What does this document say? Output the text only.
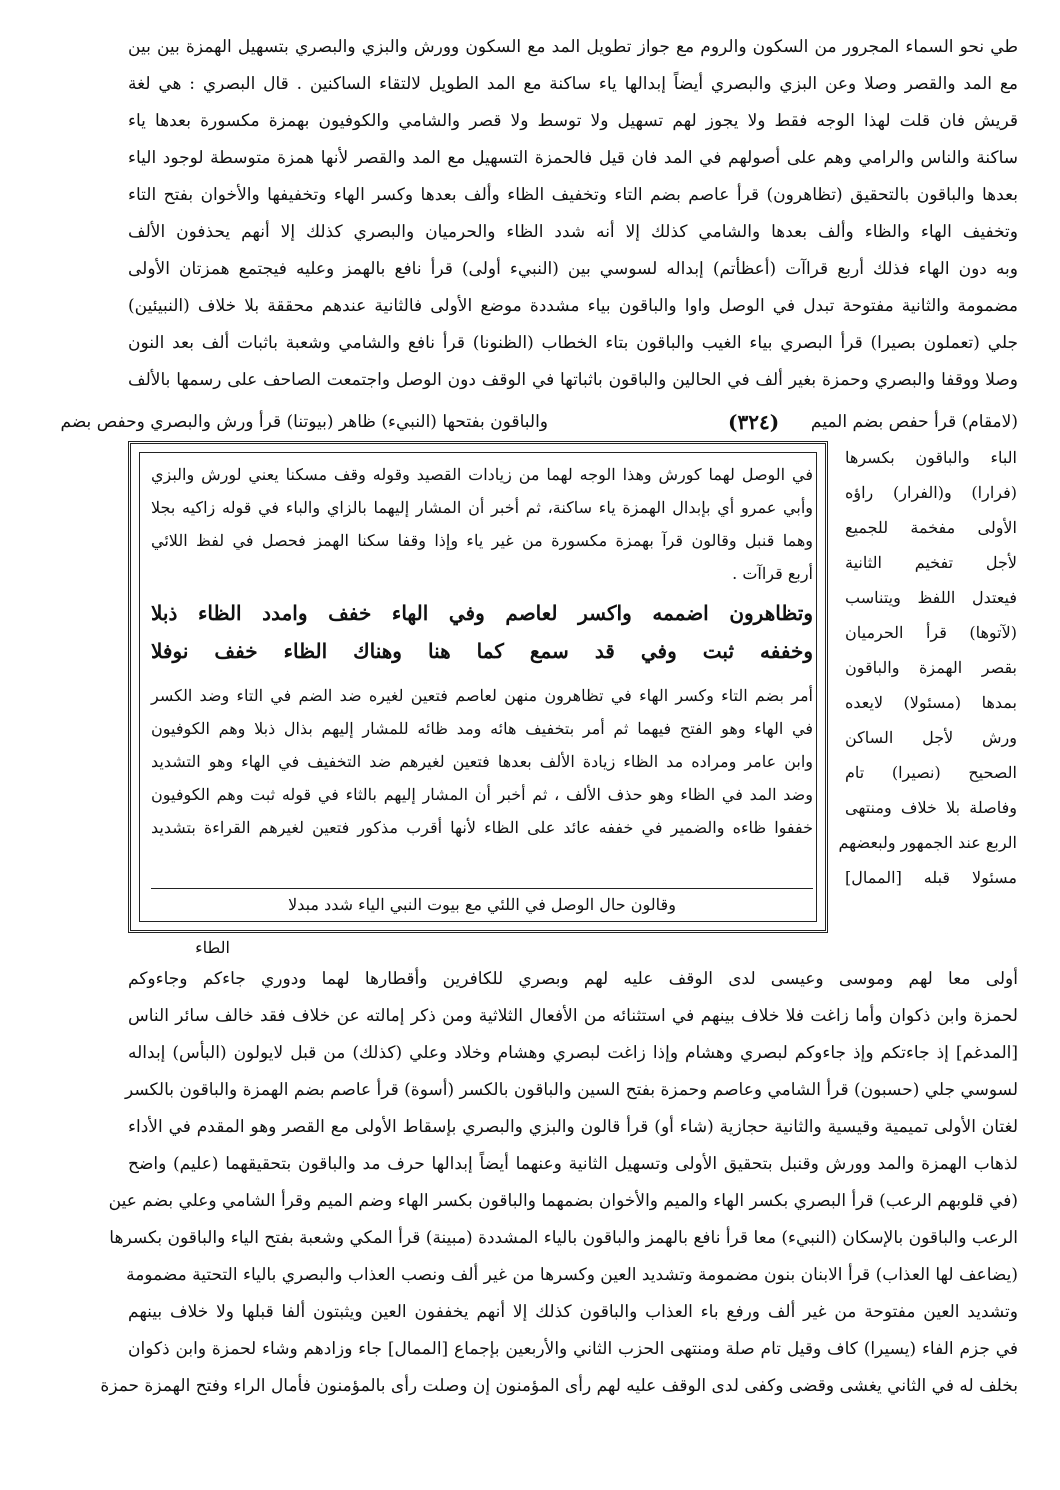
طي نحو السماء المجرور من السكون والروم مع جواز تطويل المد مع السكون وورش والبزي والبصري بتسهيل الهمزة بين بين
مع المد والقصر وصلا وعن البزي والبصري أيضاً إبدالها ياء ساكنة مع المد الطويل لالتقاء الساكنين . قال البصري : هي لغة
قريش فان قلت لهذا الوجه فقط ولا يجوز لهم تسهيل ولا توسط ولا قصر والشامي والكوفيون بهمزة مكسورة بعدها ياء
ساكنة والناس والرامي وهم على أصولهم في المد فان قيل فالحمزة التسهيل مع المد والقصر لأنها همزة متوسطة لوجود الياء
بعدها والباقون بالتحقيق (تظاهرون) قرأ عاصم بضم التاء وتخفيف الظاء وألف بعدها وكسر الهاء وتخفيفها والأخوان بفتح التاء
وتخفيف الهاء والظاء وألف بعدها والشامي كذلك إلا أنه شدد الظاء والحرميان والبصري كذلك إلا أنهم يحذفون الألف
وبه دون الهاء فذلك أربع قراآت (أعظأتم) إبداله لسوسي بين (النبيء أولى) قرأ نافع بالهمز وعليه فيجتمع همزتان الأولى
مضمومة والثانية مفتوحة تبدل في الوصل واوا والباقون بياء مشددة موضع الأولى فالثانية عندهم محققة بلا خلاف (النبيئين)
جلي (تعملون بصيرا) قرأ البصري بياء الغيب والباقون بتاء الخطاب (الظنونا) قرأ نافع والشامي وشعبة باثبات ألف بعد النون
وصلا ووقفا والبصري وحمزة بغير ألف في الحالين والباقون باثباتها في الوقف دون الوصل واجتمعت الصاحف على رسمها بالألف
(لامقام) قرأ حفص بضم الميم
(٣٢٤)
والباقون بفتحها (النبيء) ظاهر (بيوتنا) قرأ ورش والبصري وحفص بضم
الباء والباقون بكسرها
(فرارا) و(الفرار) راؤه
الأولى مفخمة للجميع
لأجل تفخيم الثانية
فيعتدل اللفظ ويتناسب
(لآتوها) قرأ الحرميان
بقصر الهمزة والباقون
بمدها (مسئولا) لايعده
ورش لأجل الساكن
الصحيح (نصيرا) تام
وفاصلة بلا خلاف ومنتهى
الربع عند الجمهور ولبعضهم
مسئولا قبله [الممال]
في الوصل لهما كورش وهذا الوجه لهما من زيادات القصيد وقوله وقف مسكنا يعني لورش والبزي
وأبي عمرو أي بإبدال الهمزة ياء ساكنة، ثم أخبر أن المشار إليهما بالزاي والباء في قوله زاكيه بجلا
وهما قنبل وقالون قرآ بهمزة مكسورة من غير ياء وإذا وقفا سكنا الهمز فحصل في لفظ اللائي
أربع قراآت .
وتظاهرون اضممه واكسر لعاصم وفي الهاء خفف وامدد الظاء ذبلا
وخففه ثبت وفي قد سمع كما هنا وهناك الظاء خفف نوفلا
أمر بضم التاء وكسر الهاء في تظاهرون منهن لعاصم فتعين لغيره ضد الضم في التاء وضد الكسر
في الهاء وهو الفتح فيهما ثم أمر بتخفيف هائه ومد ظائه للمشار إليهم بذال ذبلا وهم الكوفيون
وابن عامر ومراده مد الظاء زيادة الألف بعدها فتعين لغيرهم ضد التخفيف في الهاء وهو التشديد
وضد المد في الظاء وهو حذف الألف ، ثم أخبر أن المشار إليهم بالثاء في قوله ثبت وهم الكوفيون
خففوا ظاءه والضمير في خففه عائد على الظاء لأنها أقرب مذكور فتعين لغيرهم القراءة بتشديد
وقالون حال الوصل في اللئي مع بيوت النبي الياء شدد مبدلا
الطاء
أولى معا لهم وموسى وعيسى لدى الوقف عليه لهم وبصري للكافرين وأقطارها لهما ودوري جاءكم وجاءوكم
لحمزة وابن ذكوان وأما زاغت فلا خلاف بينهم في استثنائه من الأفعال الثلاثية ومن ذكر إمالته عن خلاف فقد خالف سائر الناس
[المدغم] إذ جاءتكم وإذ جاءوكم لبصري وهشام وإذا زاغت لبصري وهشام وخلاد وعلي (كذلك) من قبل لايولون (البأس) إبداله
لسوسي جلي (حسبون) قرأ الشامي وعاصم وحمزة بفتح السين والباقون بالكسر (أسوة) قرأ عاصم بضم الهمزة والباقون بالكسر
لغتان الأولى تميمية وقيسية والثانية حجازية (شاء أو) قرأ قالون والبزي والبصري بإسقاط الأولى مع القصر وهو المقدم في الأداء
لذهاب الهمزة والمد وورش وقنبل بتحقيق الأولى وتسهيل الثانية وعنهما أيضاً إبدالها حرف مد والباقون بتحقيقهما (عليم) واضح
(في قلوبهم الرعب) قرأ البصري بكسر الهاء والميم والأخوان بضمهما والباقون بكسر الهاء وضم الميم وقرأ الشامي وعلي بضم عين
الرعب والباقون بالإسكان (النبيء) معا قرأ نافع بالهمز والباقون بالياء المشددة (مبينة) قرأ المكي وشعبة بفتح الياء والباقون بكسرها
(يضاعف لها العذاب) قرأ الابنان بنون مضمومة وتشديد العين وكسرها من غير ألف ونصب العذاب والبصري بالياء التحتية مضمومة
وتشديد العين مفتوحة من غير ألف ورفع باء العذاب والباقون كذلك إلا أنهم يخففون العين ويثبتون ألفا قبلها ولا خلاف بينهم
في جزم الفاء (يسيرا) كاف وقيل تام صلة ومنتهى الحزب الثاني والأربعين بإجماع [الممال] جاء وزادهم وشاء لحمزة وابن ذكوان
بخلف له في الثاني يغشى وقضى وكفى لدى الوقف عليه لهم رأى المؤمنون إن وصلت رأى بالمؤمنون فأمال الراء وفتح الهمزة حمزة
